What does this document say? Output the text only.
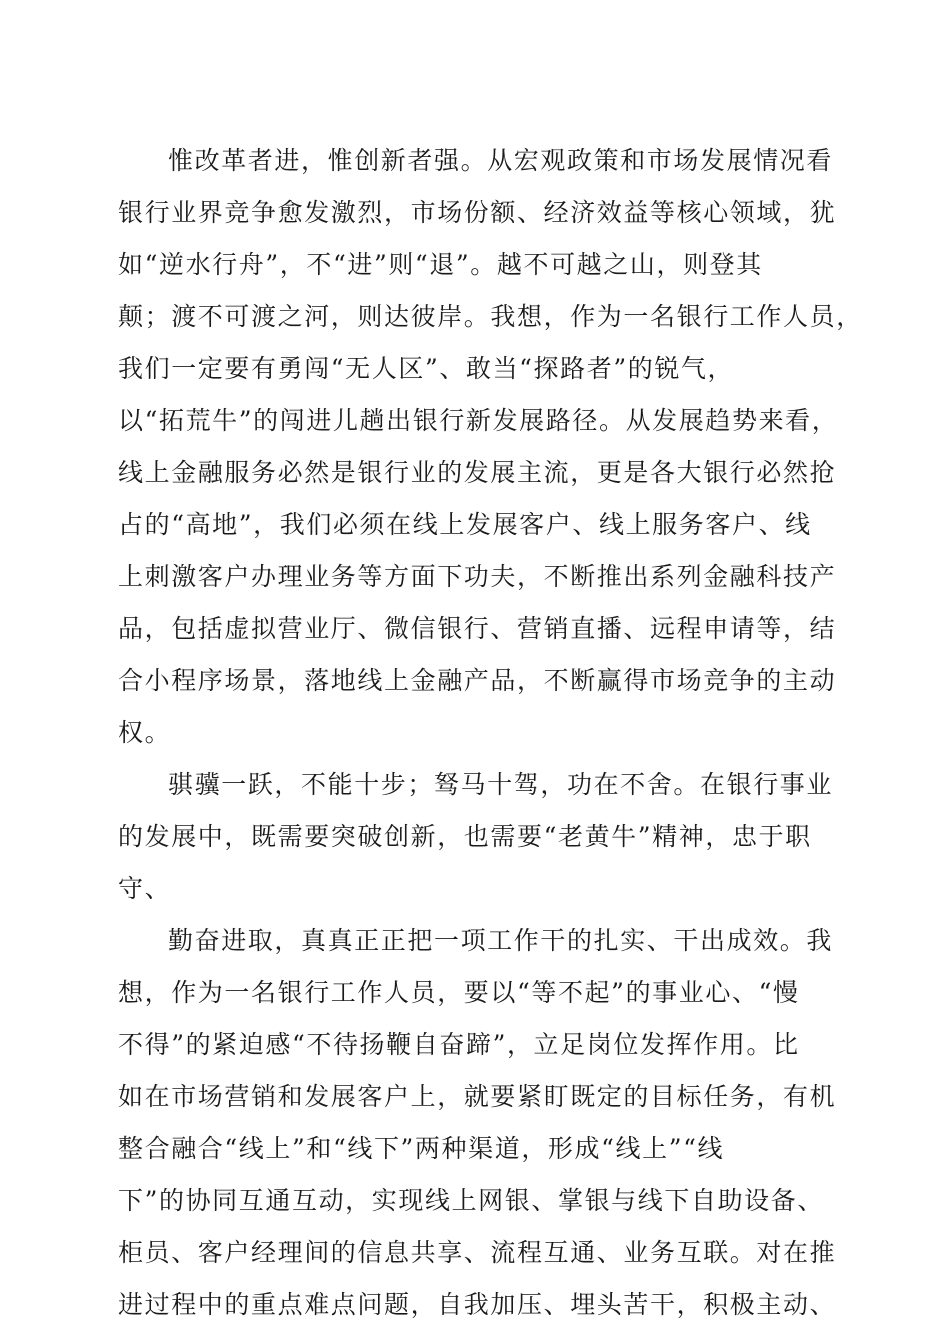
惟改革者进，惟创新者强。从宏观政策和市场发展情况看
银行业界竞争愈发激烈，市场份额、经济效益等核心领域，犹
如“逆水行舟”，不“进”则“退”。越不可越之山，则登其
颠；渡不可渡之河，则达彼岸。我想，作为一名银行工作人员，
我们一定要有勇闯“无人区”、敢当“探路者”的锐气，
以“拓荒牛”的闯进儿趟出银行新发展路径。从发展趋势来看，
线上金融服务必然是银行业的发展主流，更是各大银行必然抢
占的“高地”，我们必须在线上发展客户、线上服务客户、线
上刺激客户办理业务等方面下功夫，不断推出系列金融科技产
品，包括虚拟营业厅、微信银行、营销直播、远程申请等，结
合小程序场景，落地线上金融产品，不断赢得市场竞争的主动
权。
骐骥一跃，不能十步；驽马十驾，功在不舍。在银行事业
的发展中，既需要突破创新，也需要“老黄牛”精神，忠于职
守、
勤奋进取，真真正正把一项工作干的扎实、干出成效。我
想，作为一名银行工作人员，要以“等不起”的事业心、“慢
不得”的紧迫感“不待扬鞭自奋蹄”，立足岗位发挥作用。比
如在市场营销和发展客户上，就要紧盯既定的目标任务，有机
整合融合“线上”和“线下”两种渠道，形成“线上”“线
下”的协同互通互动，实现线上网银、掌银与线下自助设备、
柜员、客户经理间的信息共享、流程互通、业务互联。对在推
进过程中的重点难点问题，自我加压、埋头苦干，积极主动、
